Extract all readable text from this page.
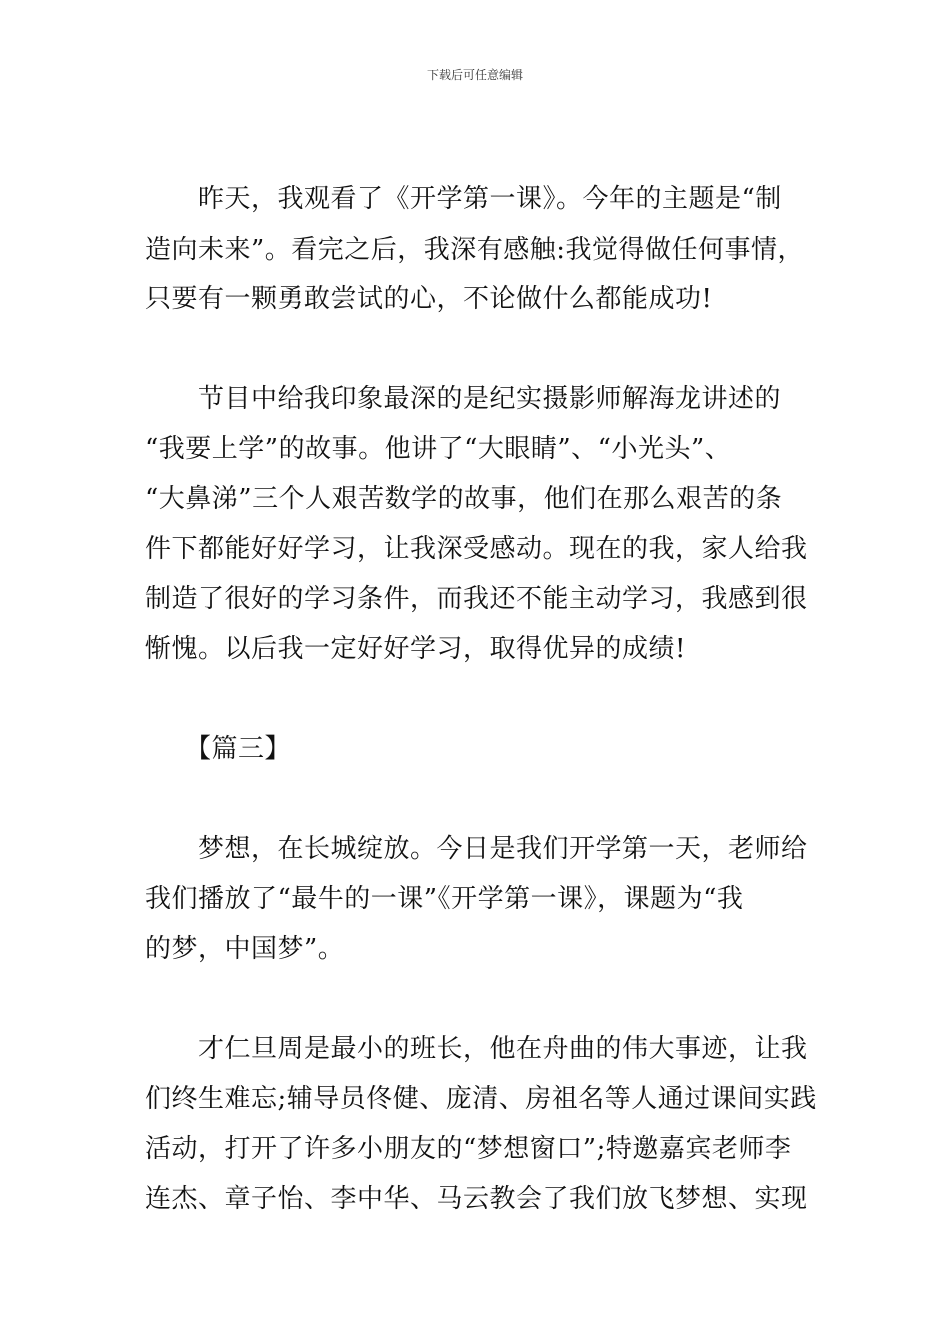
下载后可任意编辑
　　昨天，我观看了《开学第一课》。今年的主题是“制
造向未来”。看完之后，我深有感触:我觉得做任何事情，
只要有一颗勇敢尝试的心，不论做什么都能成功!
　　节目中给我印象最深的是纪实摄影师解海龙讲述的
“我要上学”的故事。他讲了“大眼睛”、“小光头”、
“大鼻涕”三个人艰苦数学的故事，他们在那么艰苦的条
件下都能好好学习，让我深受感动。现在的我，家人给我
制造了很好的学习条件，而我还不能主动学习，我感到很
惭愧。以后我一定好好学习，取得优异的成绩!
　　【篇三】
　　梦想，在长城绽放。今日是我们开学第一天，老师给
我们播放了“最牛的一课”《开学第一课》，课题为“我
的梦，中国梦”。
　　才仁旦周是最小的班长，他在舟曲的伟大事迹，让我
们终生难忘;辅导员佟健、庞清、房祖名等人通过课间实践
活动，打开了许多小朋友的“梦想窗口”;特邀嘉宾老师李
连杰、章子怡、李中华、马云教会了我们放飞梦想、实现
